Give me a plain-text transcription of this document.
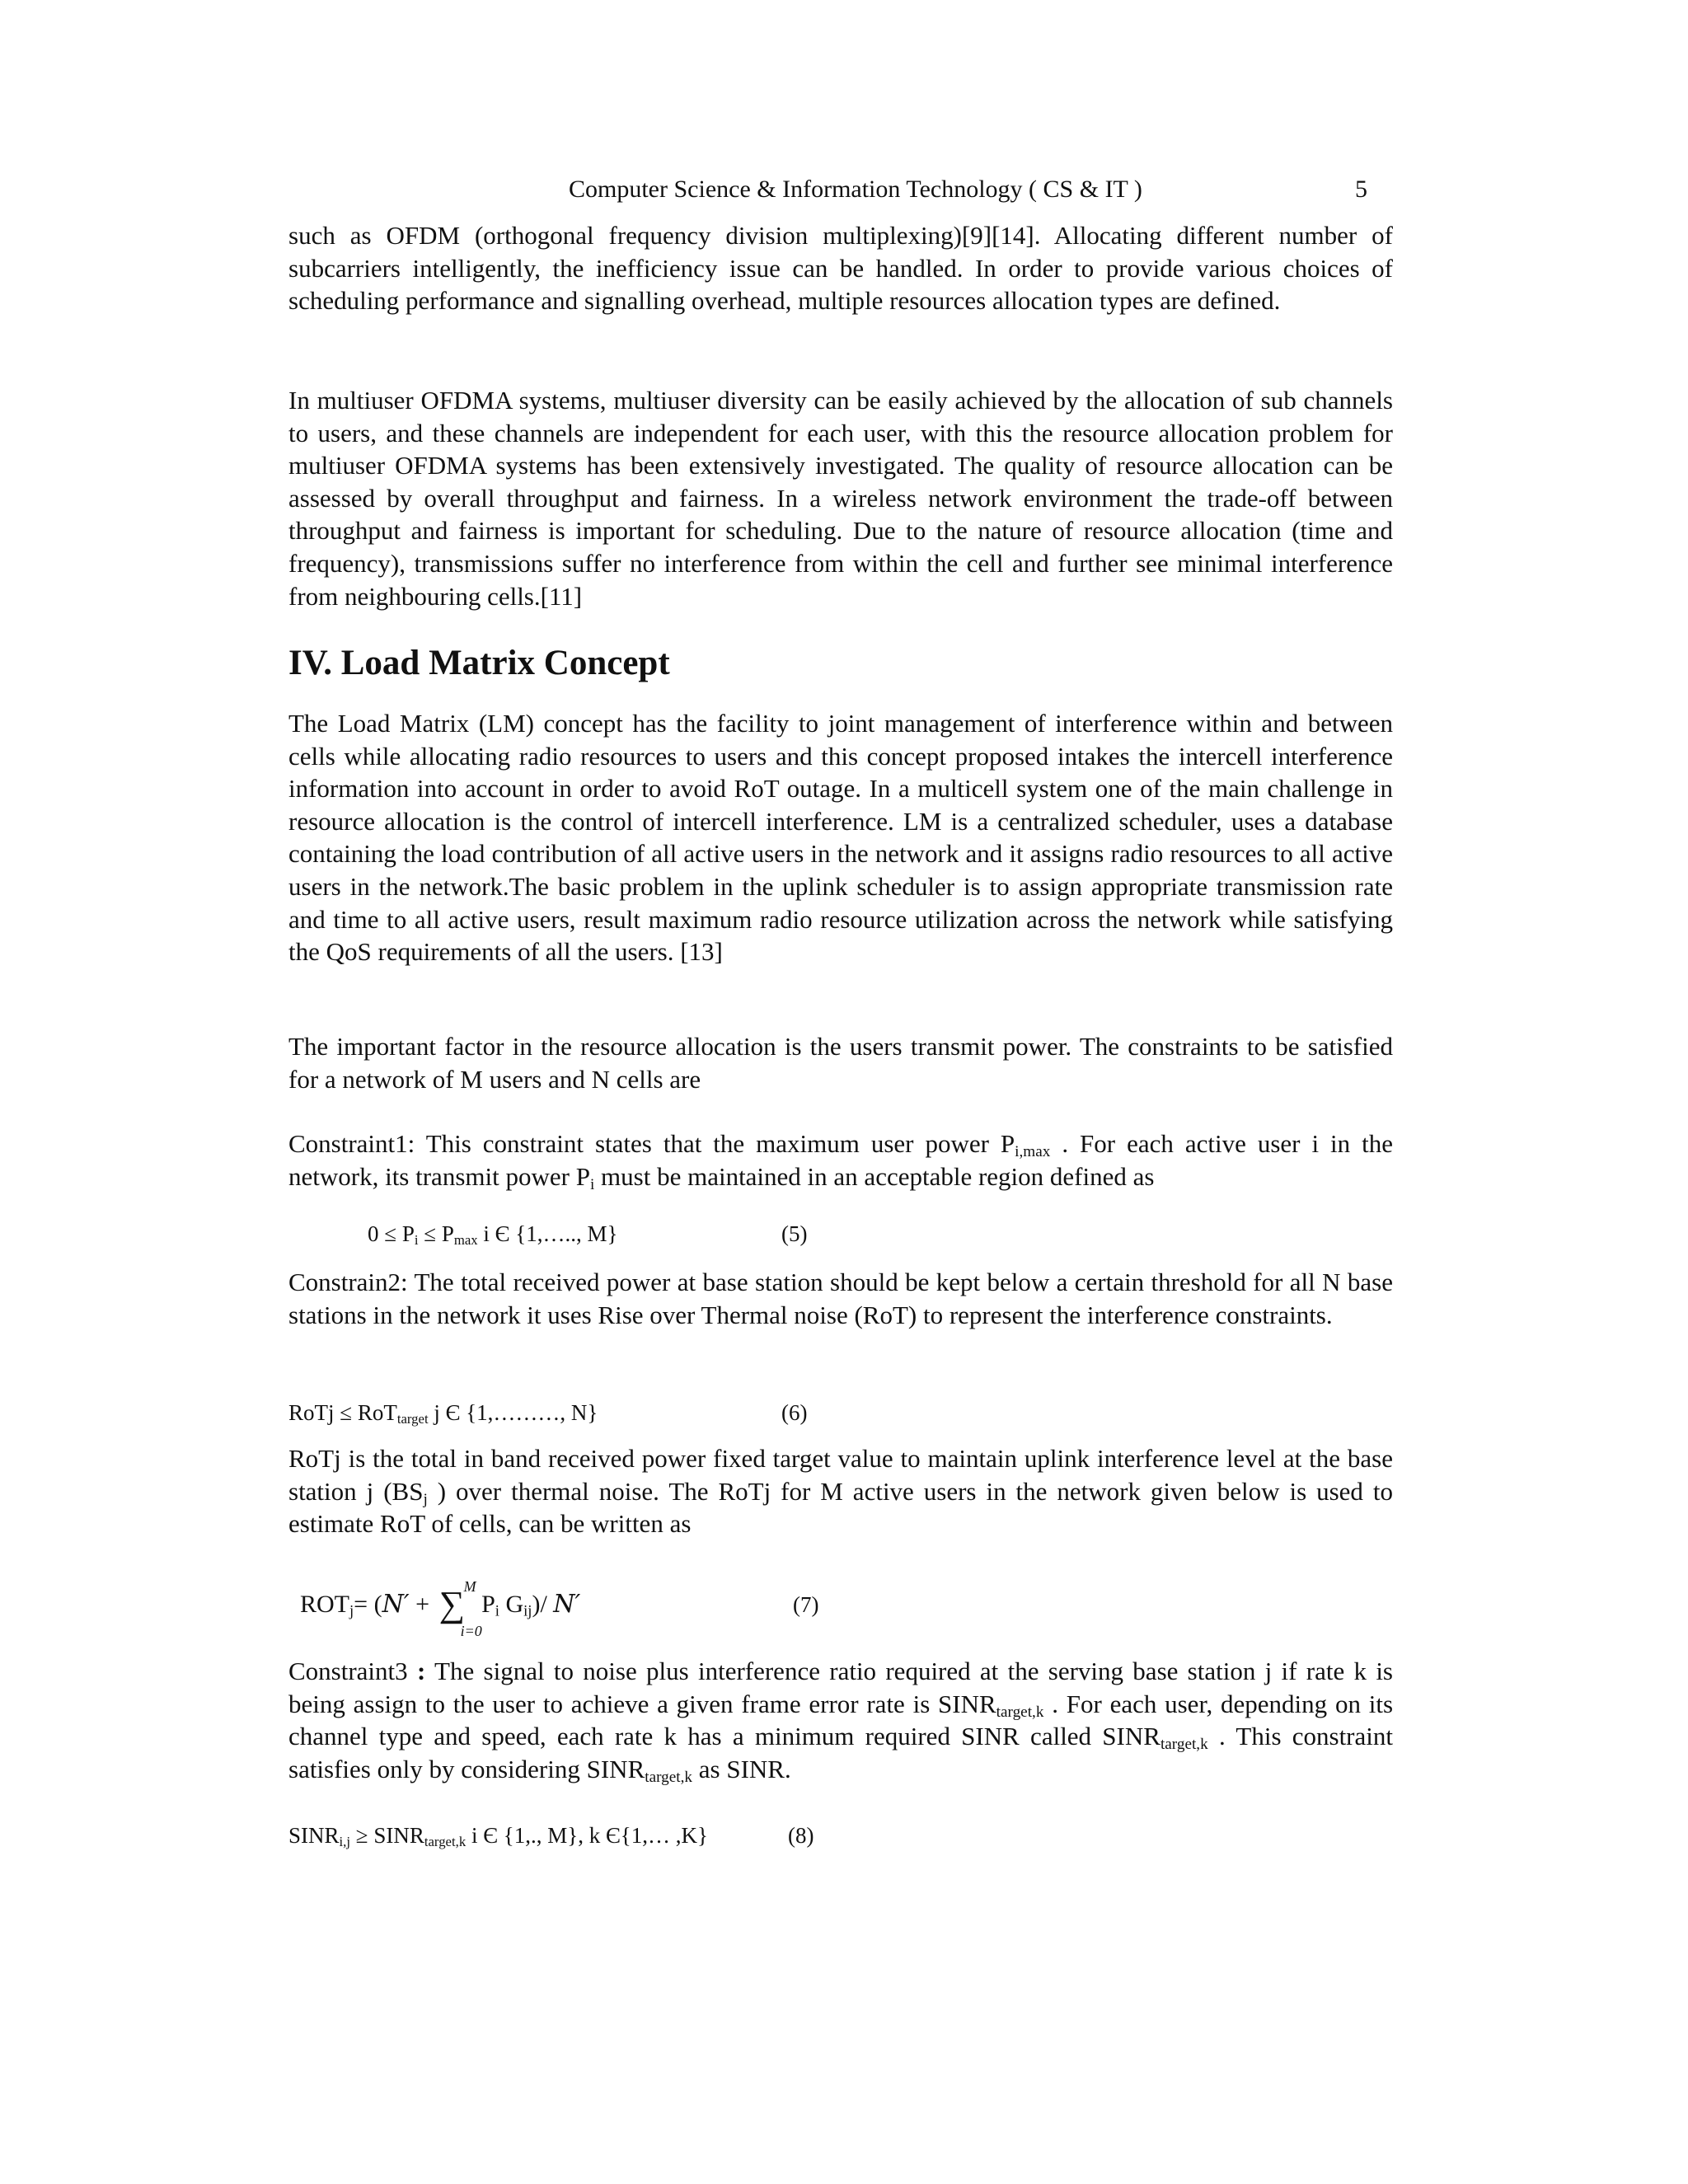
Computer Science & Information Technology ( CS & IT )	5

such as OFDM (orthogonal frequency division multiplexing)[9][14]. Allocating different number of subcarriers intelligently, the inefficiency issue can be handled. In order to provide various choices of scheduling performance and signalling overhead, multiple resources allocation types are defined.

In multiuser OFDMA systems, multiuser diversity can be easily achieved by the allocation of sub channels to users, and these channels are independent for each user, with this the resource allocation problem for multiuser OFDMA systems has been extensively investigated. The quality of resource allocation can be assessed by overall throughput and fairness. In a wireless network environment the trade-off between throughput and fairness is important for scheduling. Due to the nature of resource allocation (time and frequency), transmissions suffer no interference from within the cell and further see minimal interference from neighbouring cells.[11]

IV. Load Matrix Concept

The Load Matrix (LM) concept has the facility to joint management of interference within and between cells while allocating radio resources to users and this concept proposed intakes the intercell interference information into account in order to avoid RoT outage. In a multicell system one of the main challenge in resource allocation is the control of intercell interference. LM is a centralized scheduler, uses a database containing the load contribution of all active users in the network and it assigns radio resources to all active users in the network.The basic problem in the uplink scheduler is to assign appropriate transmission rate and time to all active users, result maximum radio resource utilization across the network while satisfying the QoS requirements of all the users. [13]

The important factor in the resource allocation is the users transmit power. The constraints to be satisfied for a network of M users and N cells are

Constraint1: This constraint states that the maximum user power $P_{i,max}$ . For each active user i in the network, its transmit power $P_i$ must be maintained in an acceptable region defined as

$0 \le P_i \le P_{max}$ i Є {1,….., M}	(5)

Constrain2: The total received power at base station should be kept below a certain threshold for all N base stations in the network it uses Rise over Thermal noise (RoT) to represent the interference constraints.

RoTj ≤ RoT$_{target}$ j Є {1,………, N}	(6)

RoTj is the total in band received power fixed target value to maintain uplink interference level at the base station j ($BS_j$ ) over thermal noise. The RoTj for M active users in the network given below is used to estimate RoT of cells, can be written as

$ROT_j= (N'$ + ∑
M
i=0
$P_i$ $G_{ij})/$ N′	(7)

Constraint3 : The signal to noise plus interference ratio required at the serving base station j if rate k is being assign to the user to achieve a given frame error rate is $SINR_{target,k}$ . For each user, depending on its channel type and speed, each rate k has a minimum required SINR called $SINR_{target,k}$ . This constraint satisfies only by considering $SINR_{target,k}$ as SINR.

$SINR_{i,j}$ ≥ $SINR_{target,k}$ i Є {1,., M}, k Є{1,… ,K}	(8)
